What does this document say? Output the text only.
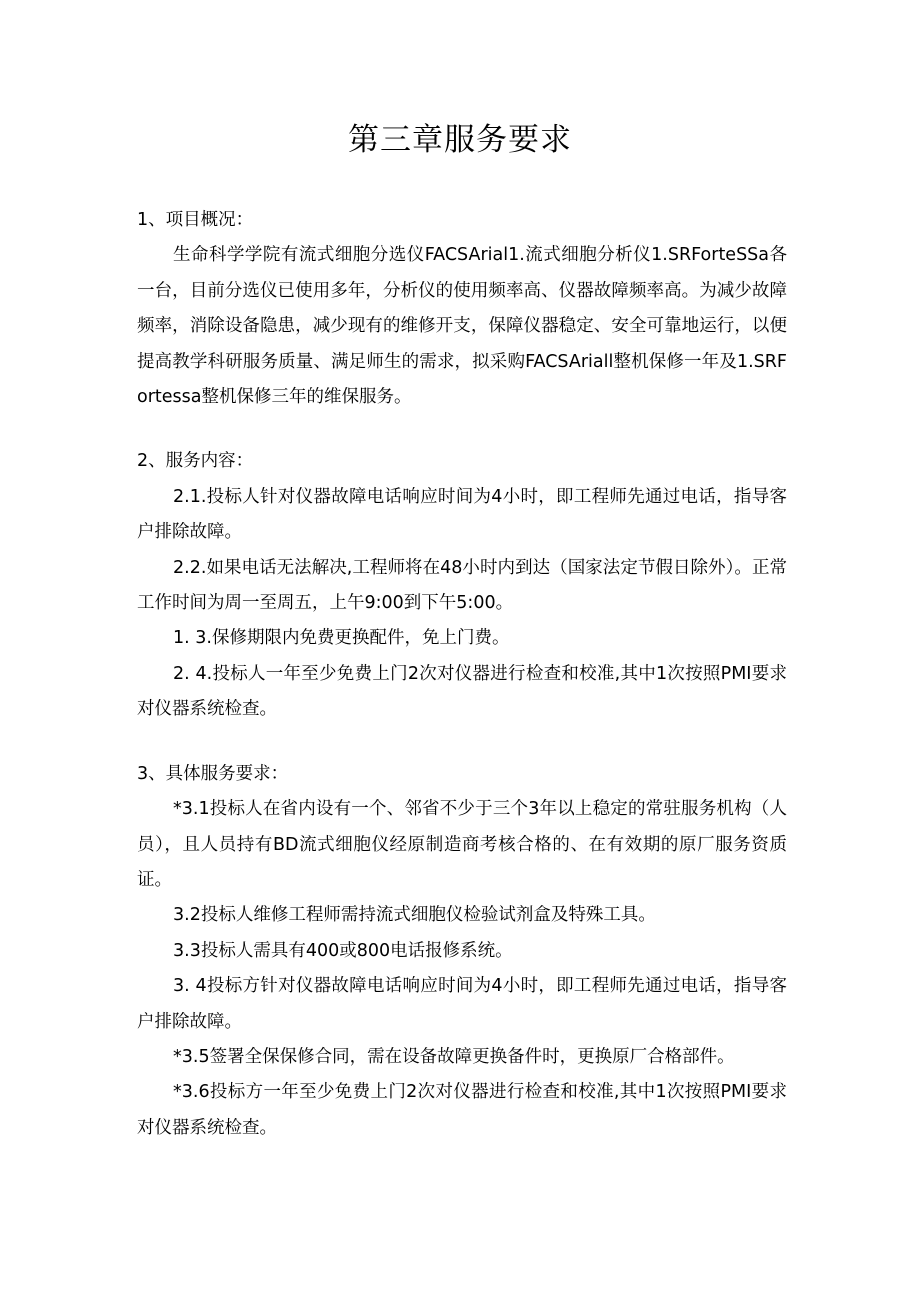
第三章服务要求

1、项目概况：

生命科学学院有流式细胞分选仪FACSArial1.流式细胞分析仪1.SRForteSSa各一台，目前分选仪已使用多年，分析仪的使用频率高、仪器故障频率高。为减少故障频率，消除设备隐患，减少现有的维修开支，保障仪器稳定、安全可靠地运行，以便提高教学科研服务质量、满足师生的需求，拟采购FACSAriall整机保修一年及1.SRFortessa整机保修三年的维保服务。

2、服务内容：

2.1.投标人针对仪器故障电话响应时间为4小时，即工程师先通过电话，指导客户排除故障。

2.2.如果电话无法解决,工程师将在48小时内到达（国家法定节假日除外）。正常工作时间为周一至周五，上午9:00到下午5:00。

1. 3.保修期限内免费更换配件，免上门费。

2. 4.投标人一年至少免费上门2次对仪器进行检查和校准,其中1次按照PMI要求对仪器系统检查。

3、具体服务要求：

*3.1投标人在省内设有一个、邻省不少于三个3年以上稳定的常驻服务机构（人员），且人员持有BD流式细胞仪经原制造商考核合格的、在有效期的原厂服务资质证。

3.2投标人维修工程师需持流式细胞仪检验试剂盒及特殊工具。

3.3投标人需具有400或800电话报修系统。

3. 4投标方针对仪器故障电话响应时间为4小时，即工程师先通过电话，指导客户排除故障。

*3.5签署全保保修合同，需在设备故障更换备件时，更换原厂合格部件。

*3.6投标方一年至少免费上门2次对仪器进行检查和校准,其中1次按照PMI要求对仪器系统检查。
